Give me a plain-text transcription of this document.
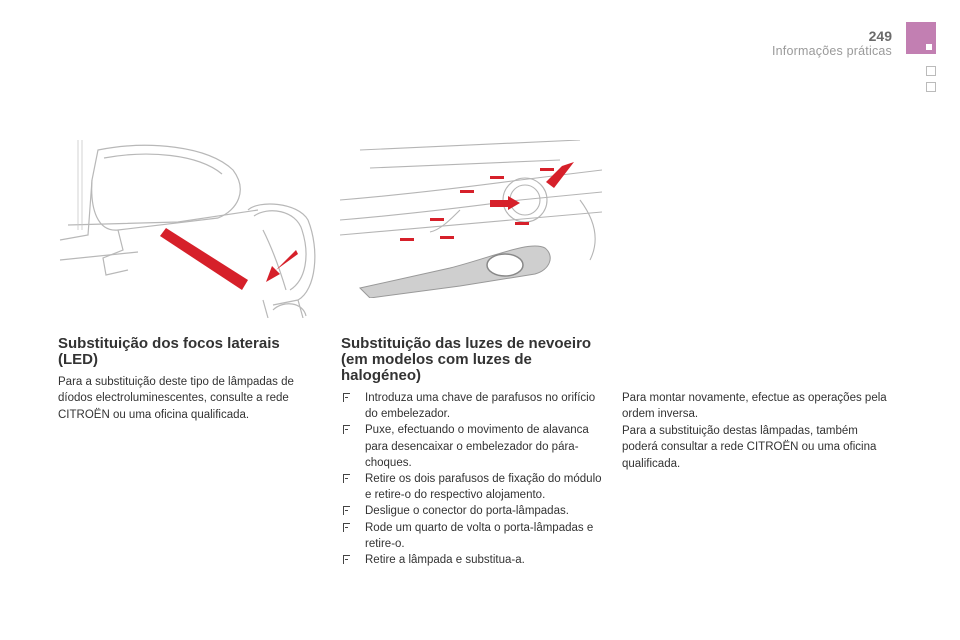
249
Informações práticas
Substituição dos focos laterais (LED)

Para a substituição deste tipo de lâmpadas de díodos electroluminescentes, consulte a rede CITROËN ou uma oficina qualificada.

Substituição das luzes de nevoeiro (em modelos com luzes de halogéneo)
Introduza uma chave de parafusos no orifício do embelezador.
Puxe, efectuando o movimento de alavanca para desencaixar o embelezador do pára-choques.
Retire os dois parafusos de fixação do módulo e retire-o do respectivo alojamento.
Desligue o conector do porta-lâmpadas.
Rode um quarto de volta o porta-lâmpadas e retire-o.
Retire a lâmpada e substitua-a.
Para montar novamente, efectue as operações pela ordem inversa.
Para a substituição destas lâmpadas, também poderá consultar a rede CITROËN ou uma oficina qualificada.
